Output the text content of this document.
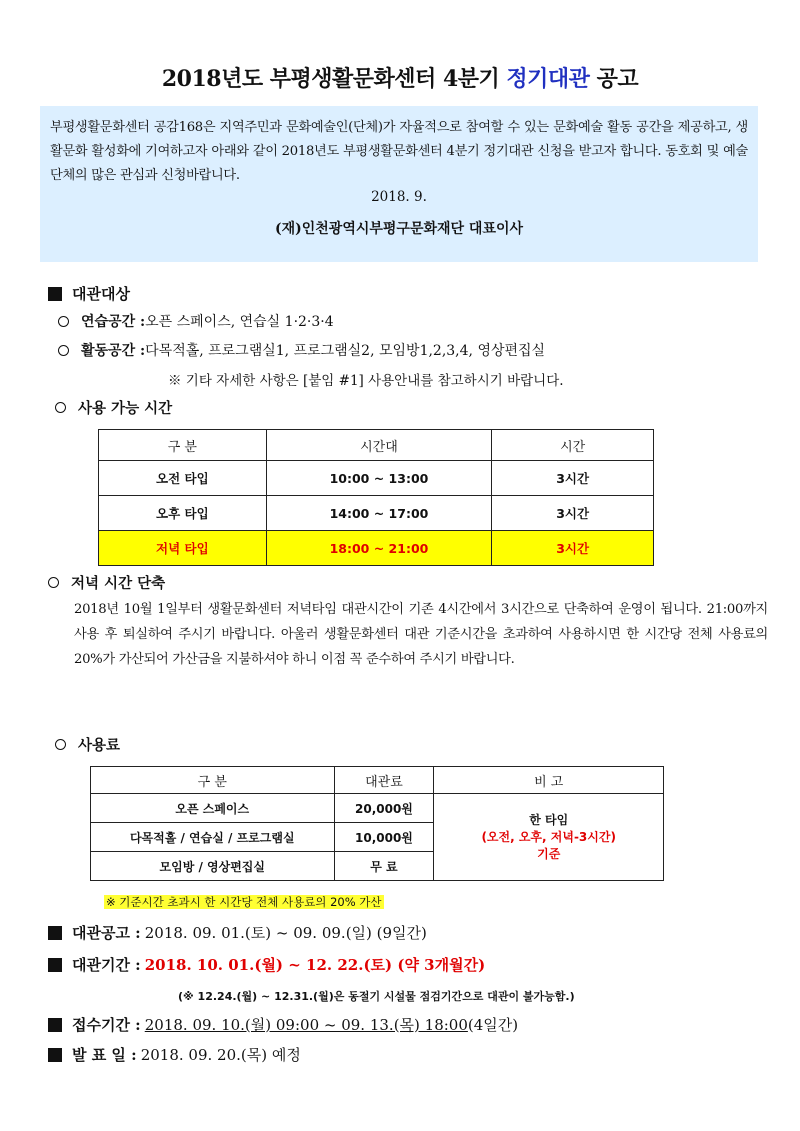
2018년도 부평생활문화센터 4분기 정기대관 공고
부평생활문화센터 공감168은 지역주민과 문화예술인(단체)가 자율적으로 참여할 수 있는 문화예술 활동 공간을 제공하고, 생활문화 활성화에 기여하고자 아래와 같이 2018년도 부평생활문화센터 4분기 정기대관 신청을 받고자 합니다. 동호회 및 예술단체의 많은 관심과 신청바랍니다.
2018. 9.
(재)인천광역시부평구문화재단 대표이사
대관대상
연습공간 : 오픈 스페이스, 연습실 1·2·3·4
활동공간 : 다목적홀, 프로그램실1, 프로그램실2, 모임방1,2,3,4, 영상편집실
※ 기타 자세한 사항은 [붙임 #1] 사용안내를 참고하시기 바랍니다.
사용 가능 시간
구 분	시간대	시간
오전 타입	10:00 ~ 13:00	3시간
오후 타입	14:00 ~ 17:00	3시간
저녁 타입	18:00 ~ 21:00	3시간
저녁 시간 단축
2018년 10월 1일부터 생활문화센터 저녁타임 대관시간이 기존 4시간에서 3시간으로 단축하여 운영이 됩니다. 21:00까지 사용 후 퇴실하여 주시기 바랍니다. 아울러 생활문화센터 대관 기준시간을 초과하여 사용하시면 한 시간당 전체 사용료의 20%가 가산되어 가산금을 지불하셔야 하니 이점 꼭 준수하여 주시기 바랍니다.
사용료
구 분	대관료	비 고
오픈 스페이스	20,000원	한 타임
(오전, 오후, 저녁-3시간)
기준

다목적홀 / 연습실 / 프로그램실	10,000원	
모임방 / 영상편집실	무 료	
※ 기준시간 초과시 한 시간당 전체 사용료의 20% 가산
대관공고 : 2018. 09. 01.(토) ~ 09. 09.(일) (9일간)
대관기간 : 2018. 10. 01.(월) ~ 12. 22.(토) (약 3개월간)
(※ 12.24.(월) ~ 12.31.(월)은 동절기 시설물 점검기간으로 대관이 불가능함.)
접수기간 : 2018. 09. 10.(월) 09:00 ~ 09. 13.(목) 18:00 (4일간)
발 표 일 : 2018. 09. 20.(목) 예정
